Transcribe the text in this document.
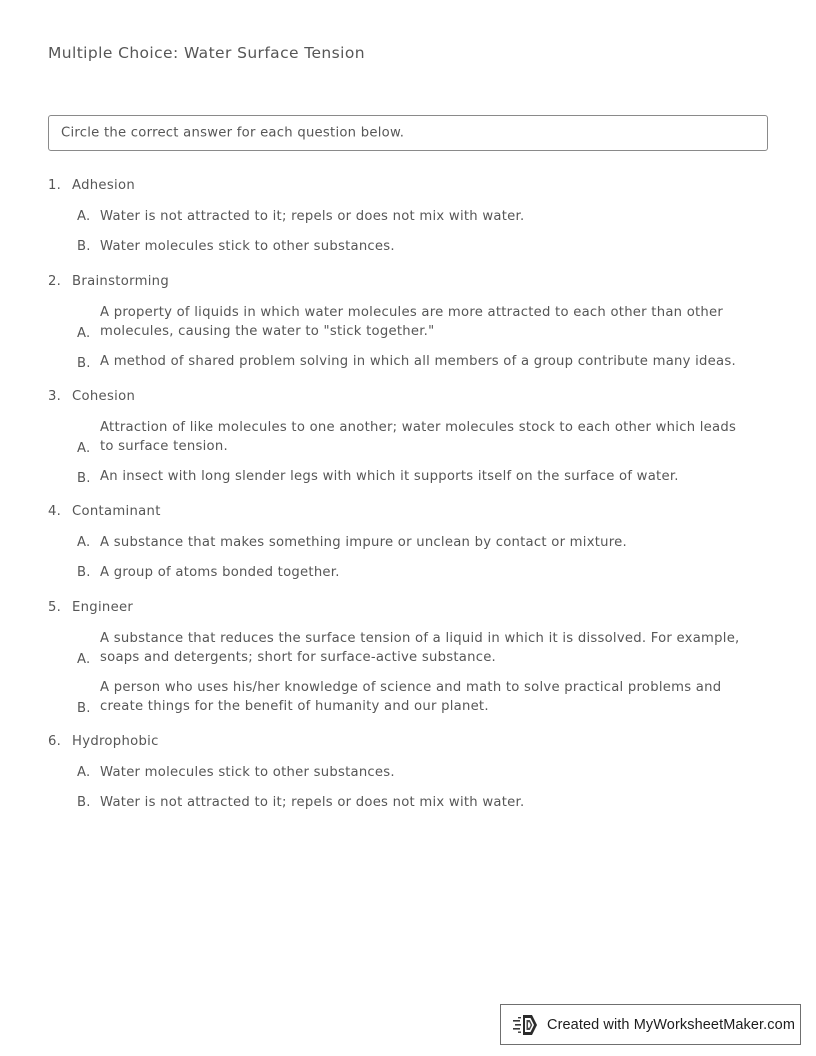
Multiple Choice: Water Surface Tension
Circle the correct answer for each question below.
1. Adhesion
A. Water is not attracted to it; repels or does not mix with water.
B. Water molecules stick to other substances.
2. Brainstorming
A.
A property of liquids in which water molecules are more attracted to each other than other molecules, causing the water to "stick together."
B. A method of shared problem solving in which all members of a group contribute many ideas.
3. Cohesion
A.
Attraction of like molecules to one another; water molecules stock to each other which leads to surface tension.
B. An insect with long slender legs with which it supports itself on the surface of water.
4. Contaminant
A. A substance that makes something impure or unclean by contact or mixture.
B. A group of atoms bonded together.
5. Engineer
A.
A substance that reduces the surface tension of a liquid in which it is dissolved. For example, soaps and detergents; short for surface-active substance.
B.
A person who uses his/her knowledge of science and math to solve practical problems and create things for the benefit of humanity and our planet.
6. Hydrophobic
A. Water molecules stick to other substances.
B. Water is not attracted to it; repels or does not mix with water.
Created with MyWorksheetMaker.com
